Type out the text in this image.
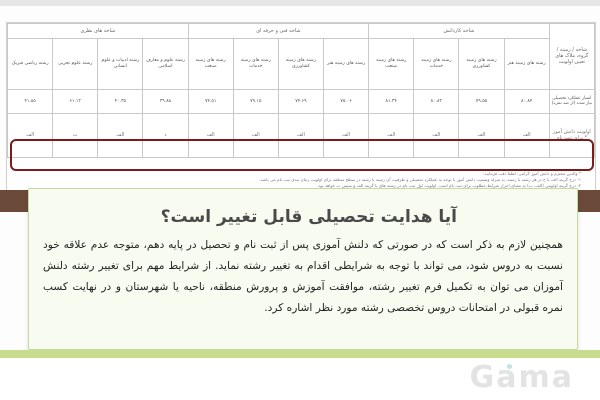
شاخه های نظری				شاخه فنی و حرفه ای				شاخه کاردانش				شاخه / زمینه / گروه، ملاک های تعیین اولویت
رشته ریاضی فیزیک	رشته علوم تجربی	رشته ادبیات و علوم انسانی	رشته علوم و معارف اسلامی	رشته های زمینه صنعت	رشته های زمینه خدمات	رشته های زمینه کشاورزی	رشته های زمینه هنر	رشته های زمینه صنعت	رشته های زمینه خدمات	رشته های زمینه کشاورزی	رشته های زمینه هنر	
۴۱.۸۵	۶۱.۱۲	۴۰.۳۵	۳۹.۸۸	۷۴.۵۱	۷۹.۱۵	۷۴.۶۹	۷۵.۰۶	۸۱.۳۴	۸۰.۸۲	۷۹.۵۵	۸۰.۸۴	امتیاز عملکرد تحصیلی نیاز شده (از صد نمره)
الف	ب	الف	د	الف	الف	الف	الف	الف	الف	الف	الف	اولویت دانش آموز برای ثبت نام *
* والدین محترم و دانش آموز گرامی، لطفاً دقت فرمایید:
۱- درج گزینه الف تا ج در هر رشته یا زمینه، به منزله وضعیت دانش آموز با توجه به عملکرد تحصیلی و ظرفیت آن زمینه یا رشته در سطح منطقه برای اولویت زمان بندی ثبت نام می باشد.
۲- درج گزینه اولویتی (الف، ب) به معنای احراز شرایط مطلوب برای ثبت نام است. اولویت اول ثبت نام در رشته های با گزینه الف و سپس ب خواهد بود.
آیا هدایت تحصیلی قابل تغییر است؟
همچنین لازم به ذکر است که در صورتی که دلنش آموزی پس از ثبت نام و تحصیل در پایه دهم، متوجه عدم علاقه خود نسبت به دروس شود، می تواند با توجه به شرایطی اقدام به تغییر رشته نماید. از شرایط مهم برای تغییر رشته دلنش آموزان می توان به تکمیل فرم تغییر رشته، موافقت آموزش و پرورش منطقه، ناحیه یا شهرستان و در نهایت کسب نمره قبولی در امتحانات دروس تخصصی رشته مورد نظر اشاره کرد.
Gama
